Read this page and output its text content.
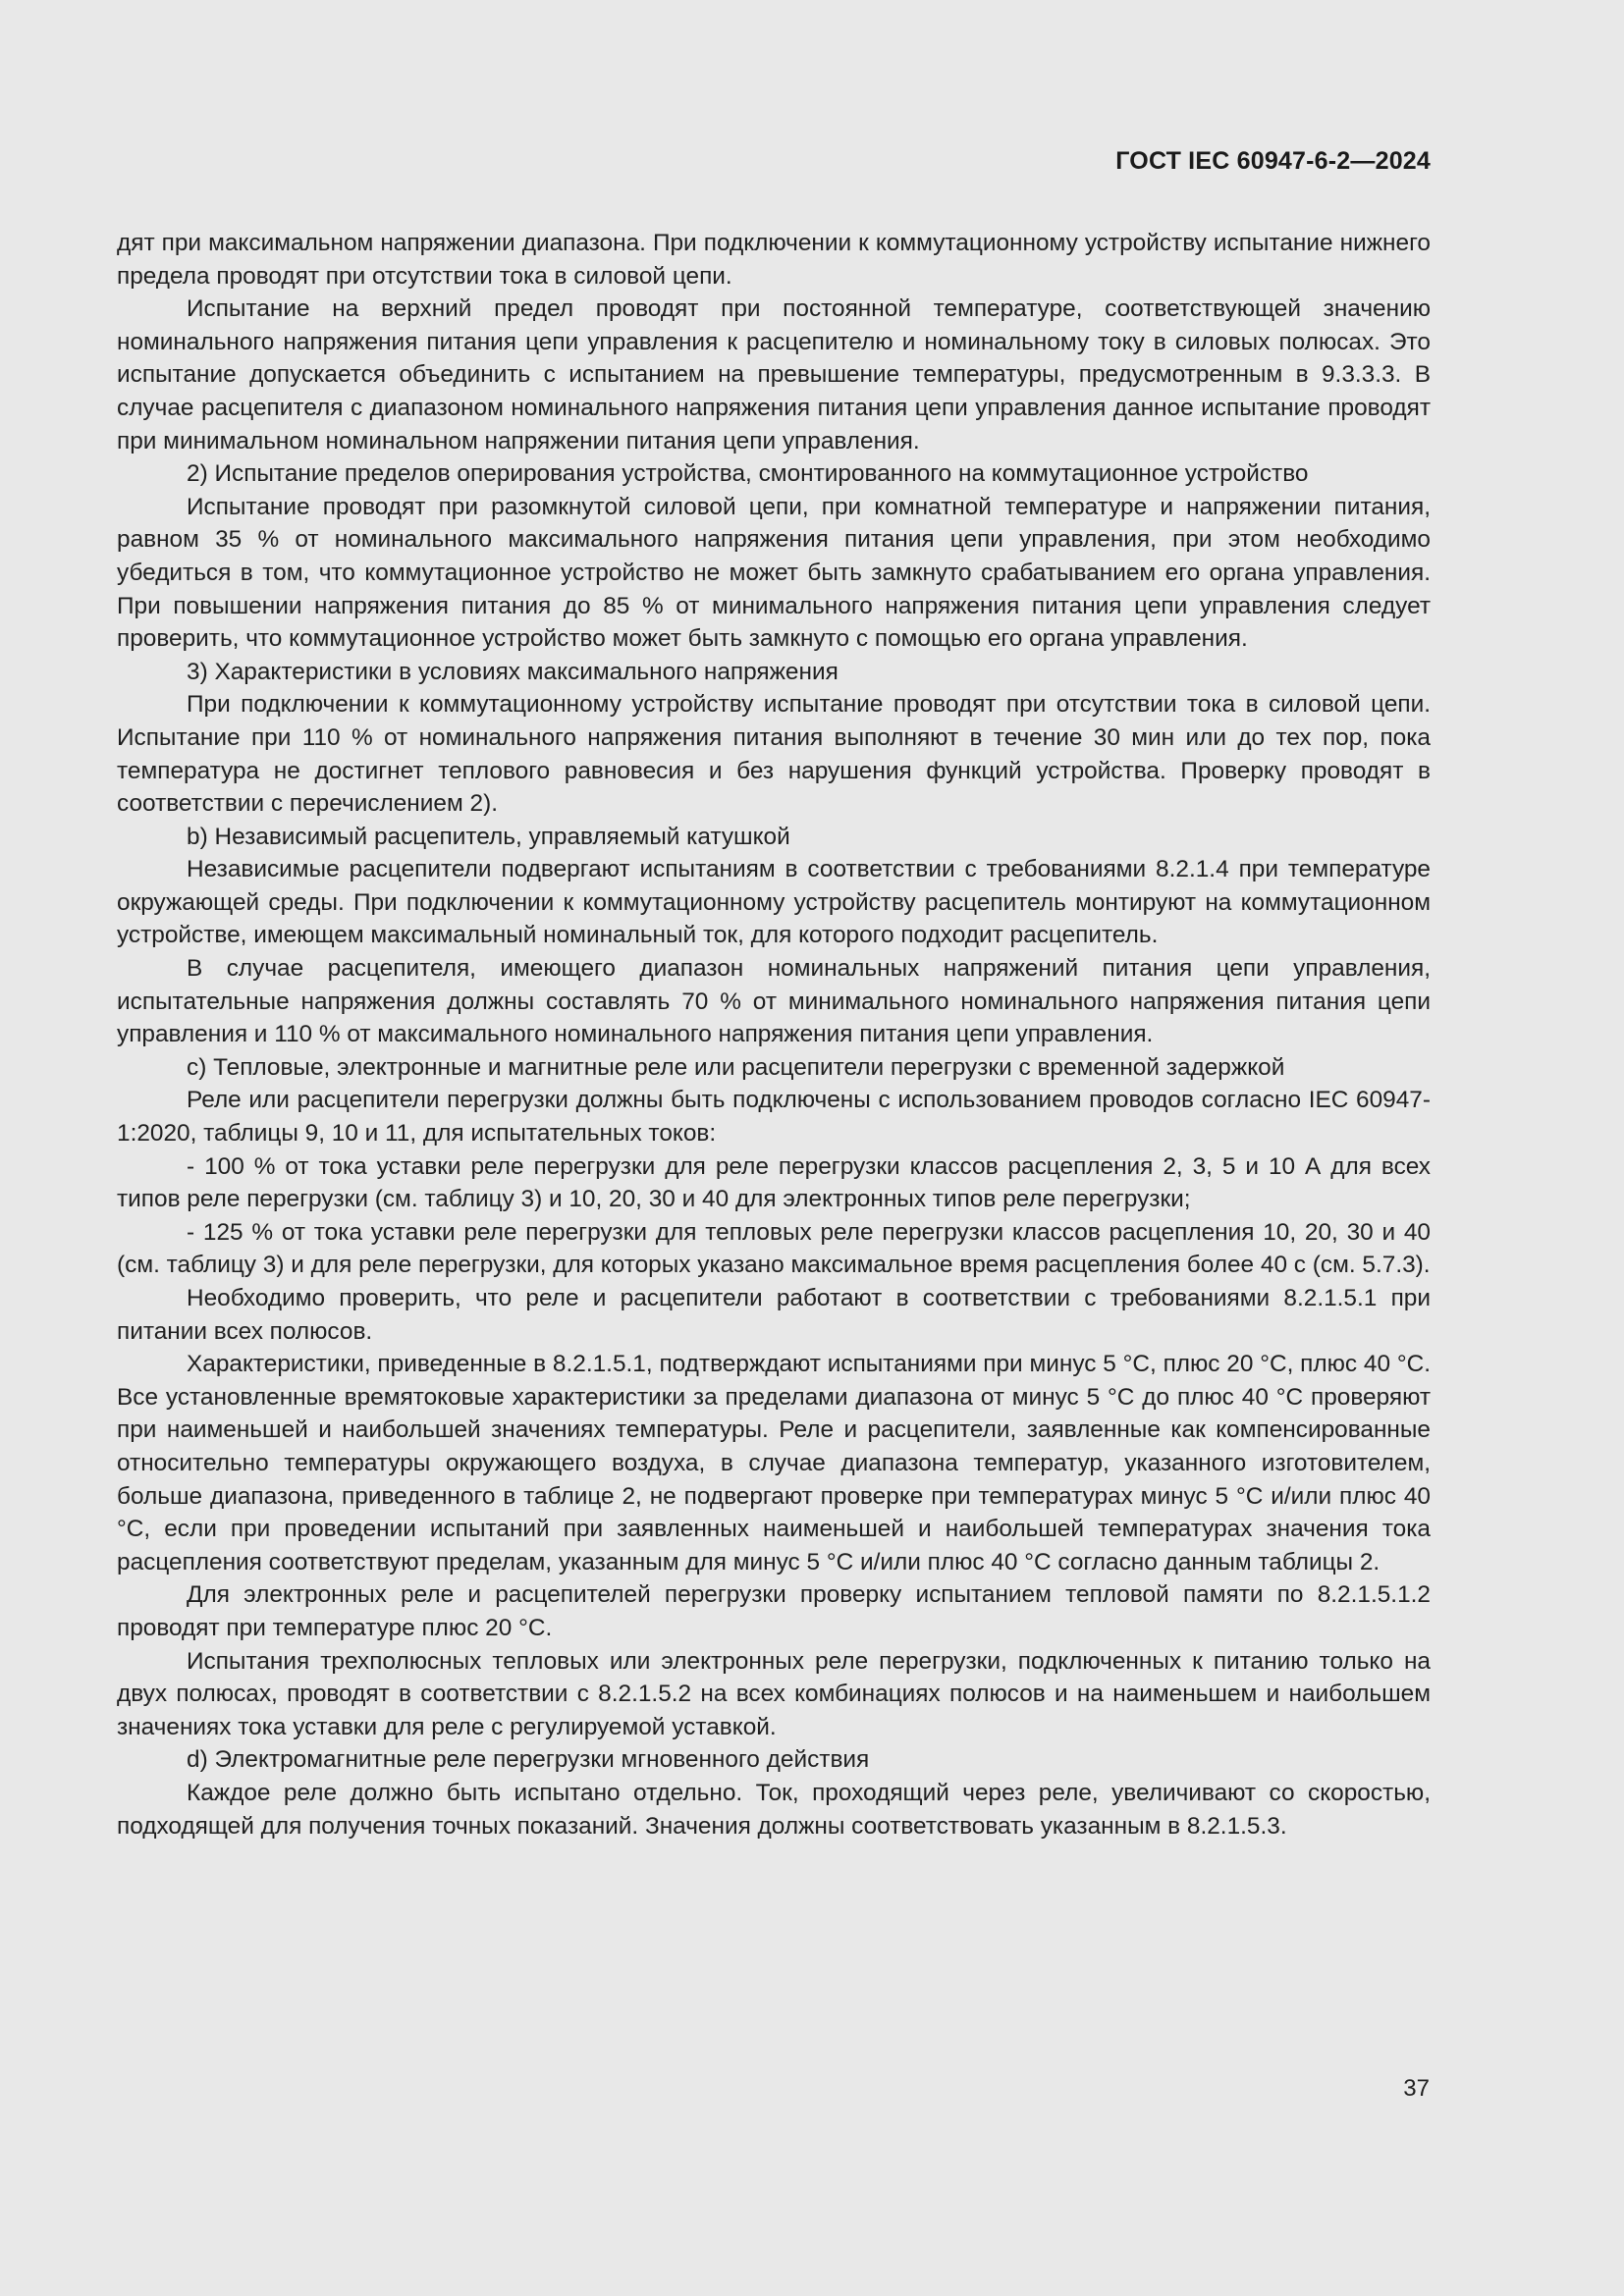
ГОСТ IEC 60947-6-2—2024

дят при максимальном напряжении диапазона. При подключении к коммутационному устройству испытание нижнего предела проводят при отсутствии тока в силовой цепи.

Испытание на верхний предел проводят при постоянной температуре, соответствующей значению номинального напряжения питания цепи управления к расцепителю и номинальному току в силовых полюсах. Это испытание допускается объединить с испытанием на превышение температуры, предусмотренным в 9.3.3.3. В случае расцепителя с диапазоном номинального напряжения питания цепи управления данное испытание проводят при минимальном номинальном напряжении питания цепи управления.

2) Испытание пределов оперирования устройства, смонтированного на коммутационное устройство

Испытание проводят при разомкнутой силовой цепи, при комнатной температуре и напряжении питания, равном 35 % от номинального максимального напряжения питания цепи управления, при этом необходимо убедиться в том, что коммутационное устройство не может быть замкнуто срабатыванием его органа управления. При повышении напряжения питания до 85 % от минимального напряжения питания цепи управления следует проверить, что коммутационное устройство может быть замкнуто с помощью его органа управления.

3) Характеристики в условиях максимального напряжения

При подключении к коммутационному устройству испытание проводят при отсутствии тока в силовой цепи. Испытание при 110 % от номинального напряжения питания выполняют в течение 30 мин или до тех пор, пока температура не достигнет теплового равновесия и без нарушения функций устройства. Проверку проводят в соответствии с перечислением 2).

b) Независимый расцепитель, управляемый катушкой

Независимые расцепители подвергают испытаниям в соответствии с требованиями 8.2.1.4 при температуре окружающей среды. При подключении к коммутационному устройству расцепитель монтируют на коммутационном устройстве, имеющем максимальный номинальный ток, для которого подходит расцепитель.

В случае расцепителя, имеющего диапазон номинальных напряжений питания цепи управления, испытательные напряжения должны составлять 70 % от минимального номинального напряжения питания цепи управления и 110 % от максимального номинального напряжения питания цепи управления.

c) Тепловые, электронные и магнитные реле или расцепители перегрузки с временной задержкой

Реле или расцепители перегрузки должны быть подключены с использованием проводов согласно IEC 60947-1:2020, таблицы 9, 10 и 11, для испытательных токов:

- 100 % от тока уставки реле перегрузки для реле перегрузки классов расцепления 2, 3, 5 и 10 А для всех типов реле перегрузки (см. таблицу 3) и 10, 20, 30 и 40 для электронных типов реле перегрузки;

- 125 % от тока уставки реле перегрузки для тепловых реле перегрузки классов расцепления 10, 20, 30 и 40 (см. таблицу 3) и для реле перегрузки, для которых указано максимальное время расцепления более 40 с (см. 5.7.3).

Необходимо проверить, что реле и расцепители работают в соответствии с требованиями 8.2.1.5.1 при питании всех полюсов.

Характеристики, приведенные в 8.2.1.5.1, подтверждают испытаниями при минус 5 °С, плюс 20 °С, плюс 40 °С. Все установленные времятоковые характеристики за пределами диапазона от минус 5 °С до плюс 40 °С проверяют при наименьшей и наибольшей значениях температуры. Реле и расцепители, заявленные как компенсированные относительно температуры окружающего воздуха, в случае диапазона температур, указанного изготовителем, больше диапазона, приведенного в таблице 2, не подвергают проверке при температурах минус 5 °С и/или плюс 40 °С, если при проведении испытаний при заявленных наименьшей и наибольшей температурах значения тока расцепления соответствуют пределам, указанным для минус 5 °С и/или плюс 40 °С согласно данным таблицы 2.

Для электронных реле и расцепителей перегрузки проверку испытанием тепловой памяти по 8.2.1.5.1.2 проводят при температуре плюс 20 °С.

Испытания трехполюсных тепловых или электронных реле перегрузки, подключенных к питанию только на двух полюсах, проводят в соответствии с 8.2.1.5.2 на всех комбинациях полюсов и на наименьшем и наибольшем значениях тока уставки для реле с регулируемой уставкой.

d) Электромагнитные реле перегрузки мгновенного действия

Каждое реле должно быть испытано отдельно. Ток, проходящий через реле, увеличивают со скоростью, подходящей для получения точных показаний. Значения должны соответствовать указанным в 8.2.1.5.3.

37
